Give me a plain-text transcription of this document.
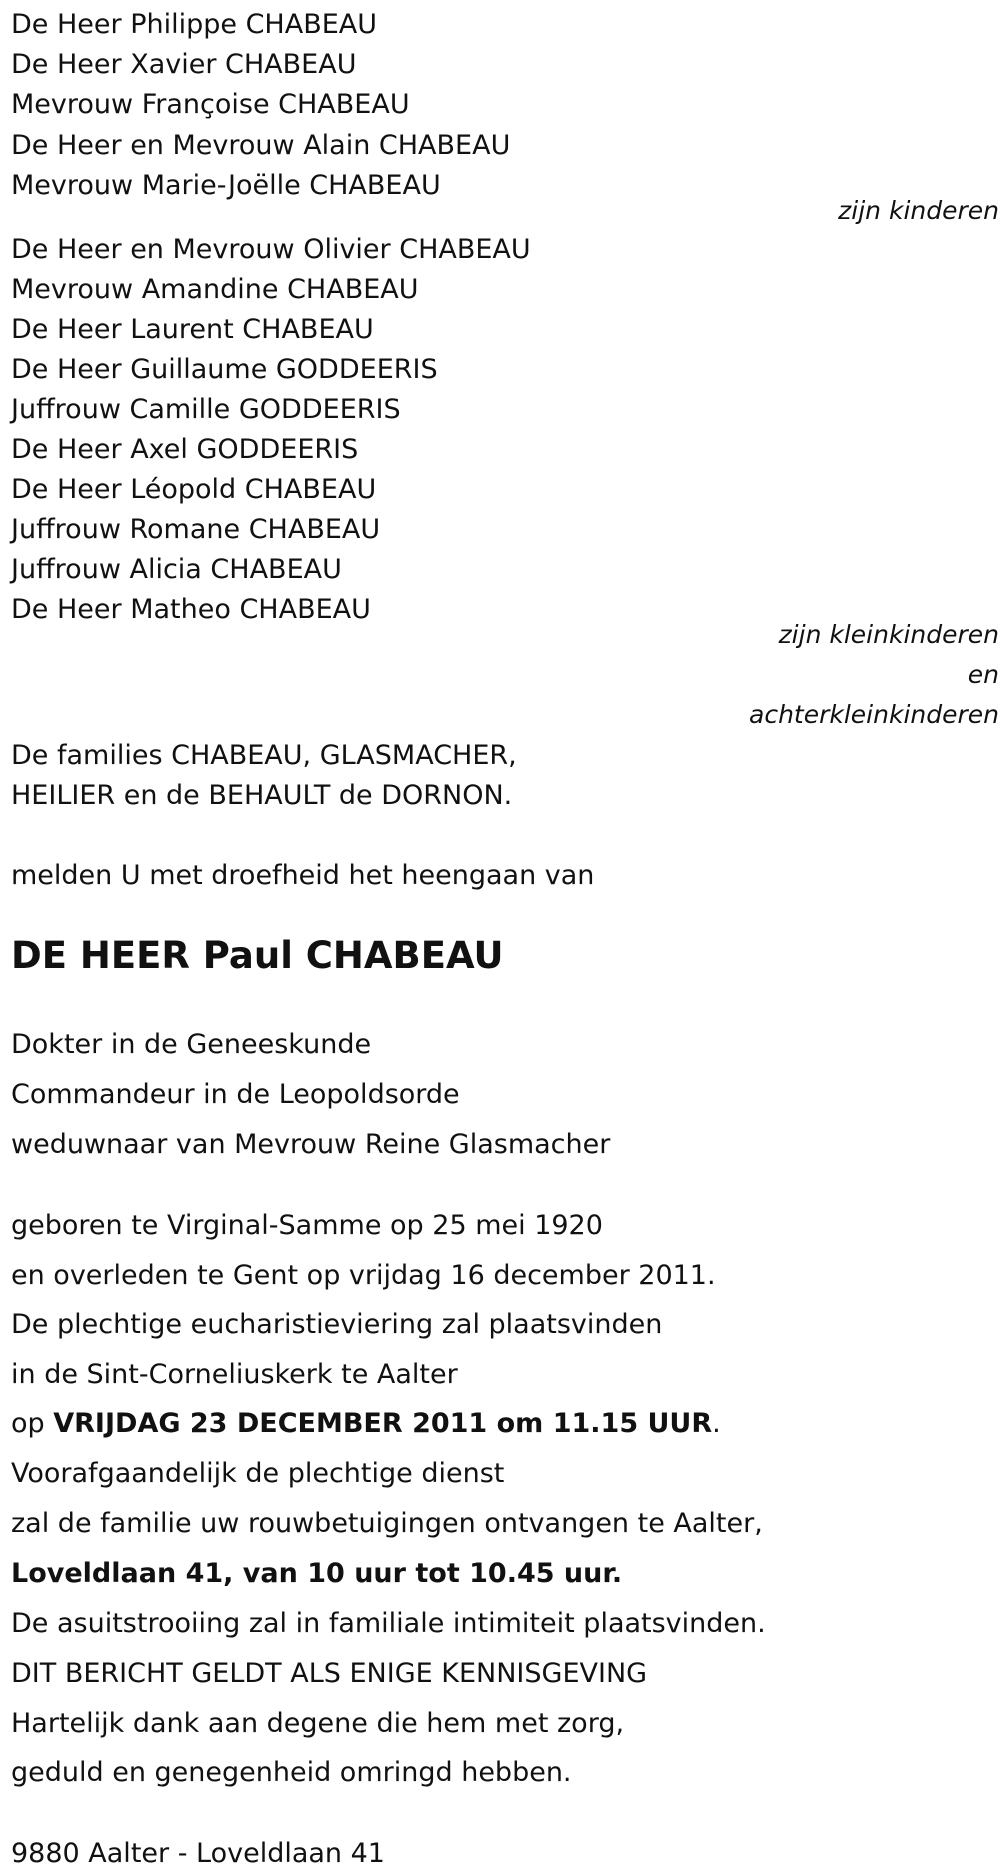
De Heer Philippe CHABEAU

De Heer Xavier CHABEAU

Mevrouw Françoise CHABEAU

De Heer en Mevrouw Alain CHABEAU

Mevrouw Marie-Joëlle CHABEAU

zijn kinderen

De Heer en Mevrouw Olivier CHABEAU

Mevrouw Amandine CHABEAU

De Heer Laurent CHABEAU

De Heer Guillaume GODDEERIS

Juffrouw Camille GODDEERIS

De Heer Axel GODDEERIS

De Heer Léopold CHABEAU

Juffrouw Romane CHABEAU

Juffrouw Alicia CHABEAU

De Heer Matheo CHABEAU

zijn kleinkinderen

en

achterkleinkinderen

De families CHABEAU, GLASMACHER,

HEILIER en de BEHAULT de DORNON.

melden U met droefheid het heengaan van

DE HEER Paul CHABEAU

Dokter in de Geneeskunde

Commandeur in de Leopoldsorde

weduwnaar van Mevrouw Reine Glasmacher

geboren te Virginal-Samme op 25 mei 1920

en overleden te Gent op vrijdag 16 december 2011.

De plechtige eucharistieviering zal plaatsvinden

in de Sint-Corneliuskerk te Aalter

op VRIJDAG 23 DECEMBER 2011 om 11.15 UUR.

Voorafgaandelijk de plechtige dienst

zal de familie uw rouwbetuigingen ontvangen te Aalter,

Loveldlaan 41, van 10 uur tot 10.45 uur.

De asuitstrooiing zal in familiale intimiteit plaatsvinden.

DIT BERICHT GELDT ALS ENIGE KENNISGEVING

Hartelijk dank aan degene die hem met zorg,

geduld en genegenheid omringd hebben.

9880 Aalter - Loveldlaan 41
